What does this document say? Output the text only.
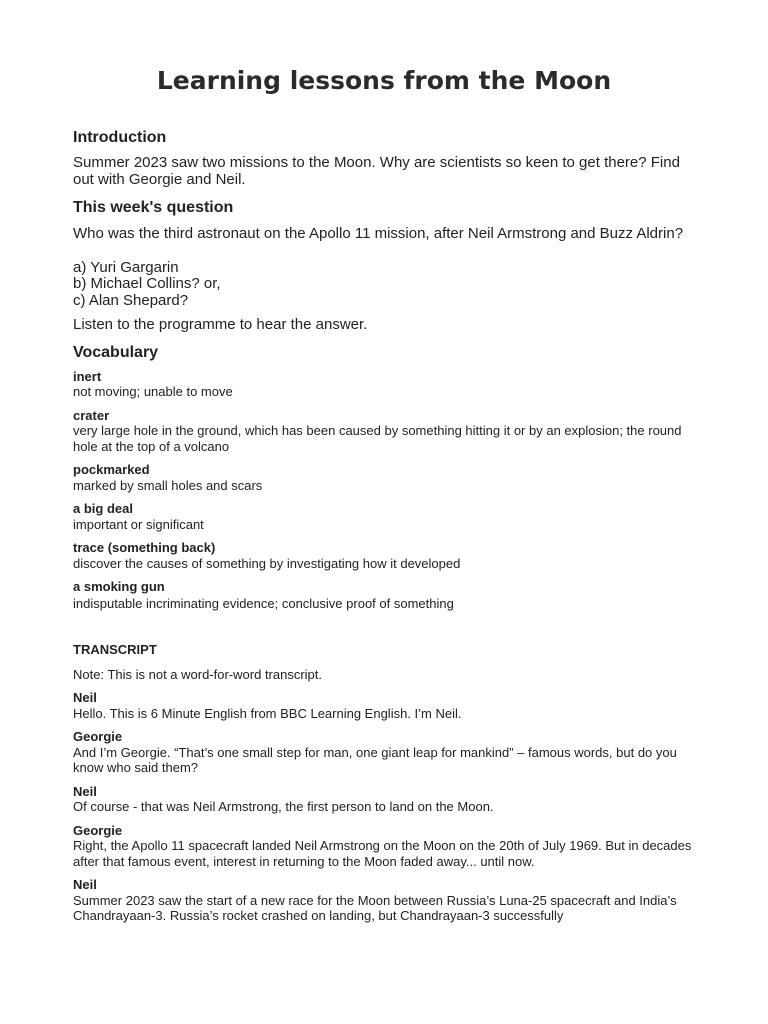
Learning lessons from the Moon
Introduction
Summer 2023 saw two missions to the Moon. Why are scientists so keen to get there? Find out with Georgie and Neil.
This week's question
Who was the third astronaut on the Apollo 11 mission, after Neil Armstrong and Buzz Aldrin?
a) Yuri Gargarin
b) Michael Collins? or,
c) Alan Shepard?
Listen to the programme to hear the answer.
Vocabulary
inert
not moving; unable to move
crater
very large hole in the ground, which has been caused by something hitting it or by an explosion; the round hole at the top of a volcano
pockmarked
marked by small holes and scars
a big deal
important or significant
trace (something back)
discover the causes of something by investigating how it developed
a smoking gun
indisputable incriminating evidence; conclusive proof of something
TRANSCRIPT
Note: This is not a word-for-word transcript.
Neil
Hello. This is 6 Minute English from BBC Learning English. I’m Neil.
Georgie
And I’m Georgie. “That’s one small step for man, one giant leap for mankind” – famous words, but do you know who said them?
Neil
Of course - that was Neil Armstrong, the first person to land on the Moon.
Georgie
Right, the Apollo 11 spacecraft landed Neil Armstrong on the Moon on the 20th of July 1969. But in decades after that famous event, interest in returning to the Moon faded away... until now.
Neil
Summer 2023 saw the start of a new race for the Moon between Russia’s Luna-25 spacecraft and India’s Chandrayaan-3. Russia’s rocket crashed on landing, but Chandrayaan-3 successfully
